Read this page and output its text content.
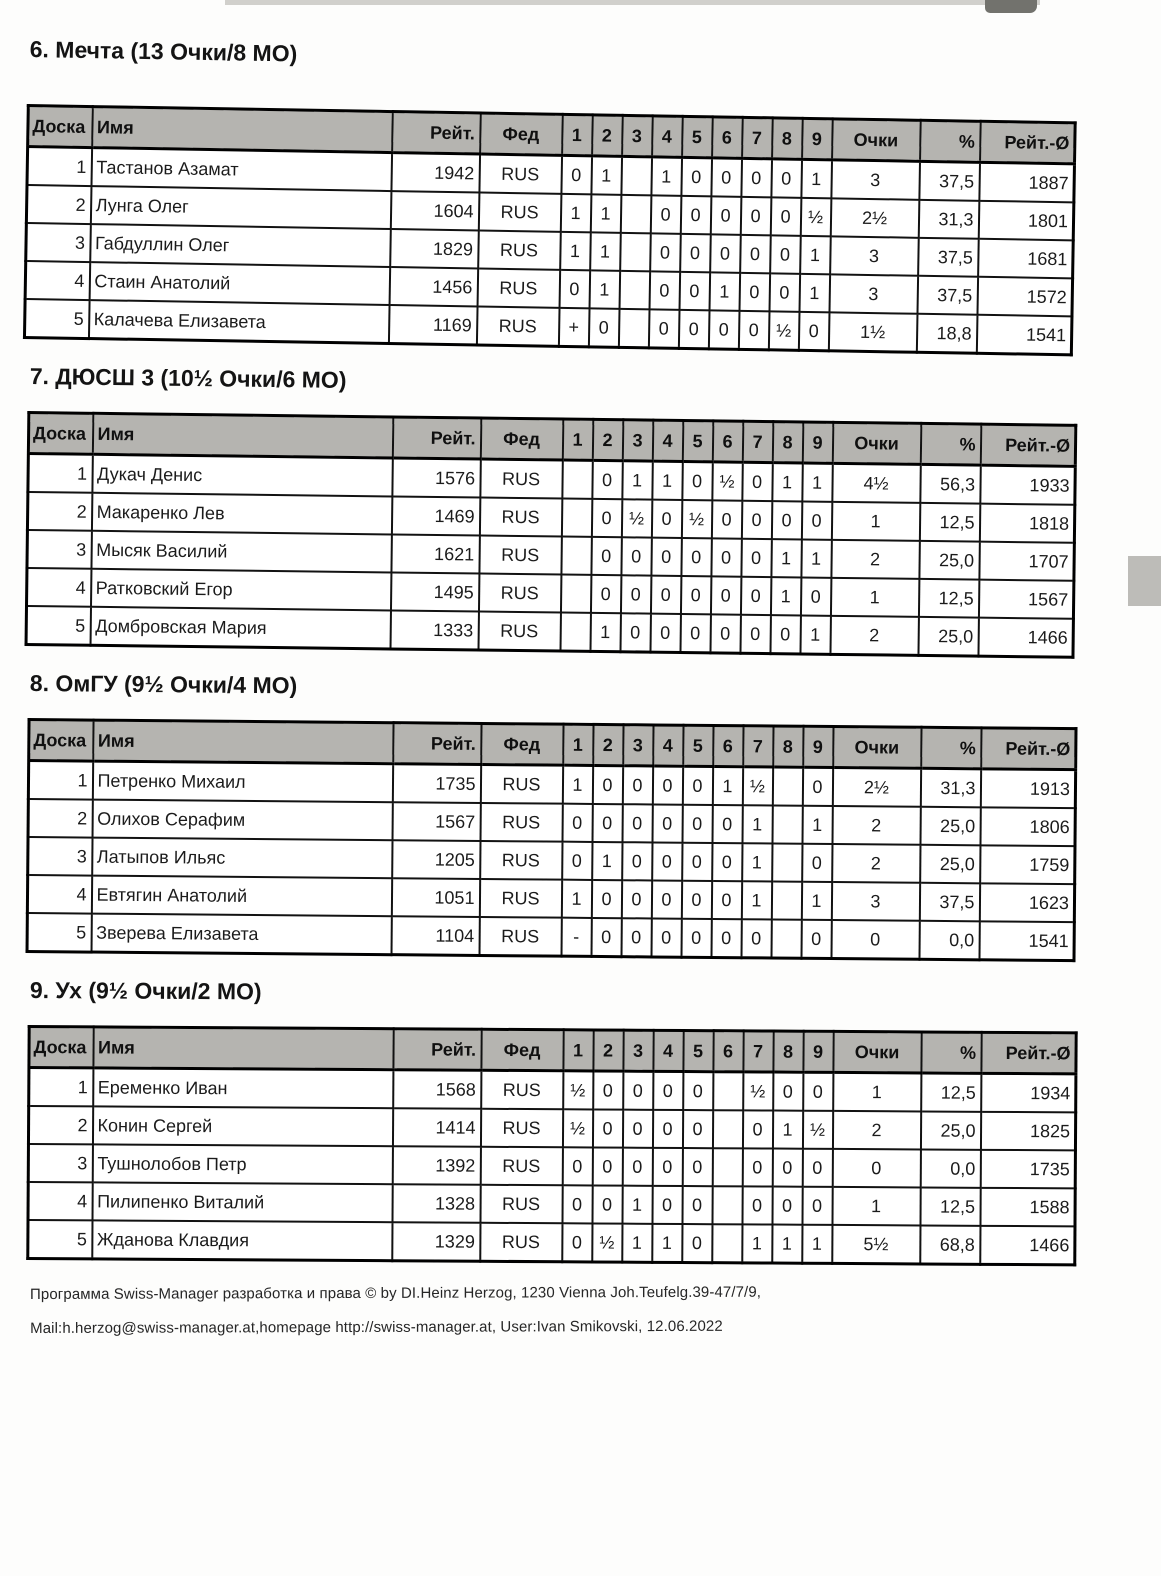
6. Мечта (13 Очки/8 МО)
Доска	Имя	Рейт.	Фед	1	2	3	4	5	6	7	8	9	Очки	%	Рейт.-Ø
1	Тастанов Азамат	1942	RUS	0	1		1	0	0	0	0	1	3	37,5	1887
2	Лунга Олег	1604	RUS	1	1		0	0	0	0	0	½	2½	31,3	1801
3	Габдуллин Олег	1829	RUS	1	1		0	0	0	0	0	1	3	37,5	1681
4	Стаин Анатолий	1456	RUS	0	1		0	0	1	0	0	1	3	37,5	1572
5	Калачева Елизавета	1169	RUS	+	0		0	0	0	0	½	0	1½	18,8	1541
7. ДЮСШ 3 (10½ Очки/6 МО)
Доска	Имя	Рейт.	Фед	1	2	3	4	5	6	7	8	9	Очки	%	Рейт.-Ø
1	Дукач Денис	1576	RUS		0	1	1	0	½	0	1	1	4½	56,3	1933
2	Макаренко Лев	1469	RUS		0	½	0	½	0	0	0	0	1	12,5	1818
3	Мысяк Василий	1621	RUS		0	0	0	0	0	0	1	1	2	25,0	1707
4	Ратковский Егор	1495	RUS		0	0	0	0	0	0	1	0	1	12,5	1567
5	Домбровская Мария	1333	RUS		1	0	0	0	0	0	0	1	2	25,0	1466
8. ОмГУ (9½ Очки/4 МО)
Доска	Имя	Рейт.	Фед	1	2	3	4	5	6	7	8	9	Очки	%	Рейт.-Ø
1	Петренко Михаил	1735	RUS	1	0	0	0	0	1	½		0	2½	31,3	1913
2	Олихов Серафим	1567	RUS	0	0	0	0	0	0	1		1	2	25,0	1806
3	Латыпов Ильяс	1205	RUS	0	1	0	0	0	0	1		0	2	25,0	1759
4	Евтягин Анатолий	1051	RUS	1	0	0	0	0	0	1		1	3	37,5	1623
5	Зверева Елизавета	1104	RUS	-	0	0	0	0	0	0		0	0	0,0	1541
9. Ух (9½ Очки/2 МО)
Доска	Имя	Рейт.	Фед	1	2	3	4	5	6	7	8	9	Очки	%	Рейт.-Ø
1	Еременко Иван	1568	RUS	½	0	0	0	0		½	0	0	1	12,5	1934
2	Конин Сергей	1414	RUS	½	0	0	0	0		0	1	½	2	25,0	1825
3	Тушнолобов Петр	1392	RUS	0	0	0	0	0		0	0	0	0	0,0	1735
4	Пилипенко Виталий	1328	RUS	0	0	1	0	0		0	0	0	1	12,5	1588
5	Жданова Клавдия	1329	RUS	0	½	1	1	0		1	1	1	5½	68,8	1466

Программа Swiss-Manager разработка и права © by DI.Heinz Herzog, 1230 Vienna Joh.Teufelg.39-47/7/9,

Mail:h.herzog@swiss-manager.at,homepage http://swiss-manager.at, User:Ivan Smikovski, 12.06.2022
